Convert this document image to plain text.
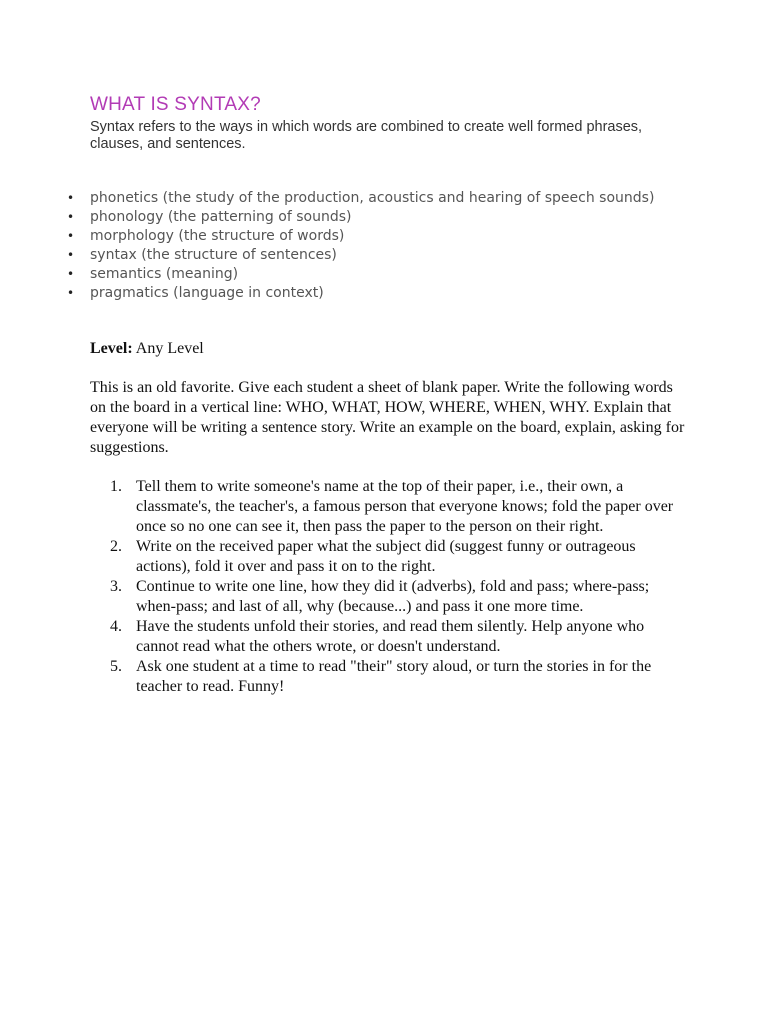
WHAT IS SYNTAX?

Syntax refers to the ways in which words are combined to create well formed phrases, clauses, and sentences.

• phonetics (the study of the production, acoustics and hearing of speech sounds)
• phonology (the patterning of sounds)
• morphology (the structure of words)
• syntax (the structure of sentences)
• semantics (meaning)
• pragmatics (language in context)

Level: Any Level

This is an old favorite. Give each student a sheet of blank paper. Write the following words on the board in a vertical line: WHO, WHAT, HOW, WHERE, WHEN, WHY. Explain that everyone will be writing a sentence story. Write an example on the board, explain, asking for suggestions.

1. Tell them to write someone's name at the top of their paper, i.e., their own, a classmate's, the teacher's, a famous person that everyone knows; fold the paper over once so no one can see it, then pass the paper to the person on their right.
2. Write on the received paper what the subject did (suggest funny or outrageous actions), fold it over and pass it on to the right.
3. Continue to write one line, how they did it (adverbs), fold and pass; where-pass; when-pass; and last of all, why (because...) and pass it one more time.
4. Have the students unfold their stories, and read them silently. Help anyone who cannot read what the others wrote, or doesn't understand.
5. Ask one student at a time to read "their" story aloud, or turn the stories in for the teacher to read. Funny!
